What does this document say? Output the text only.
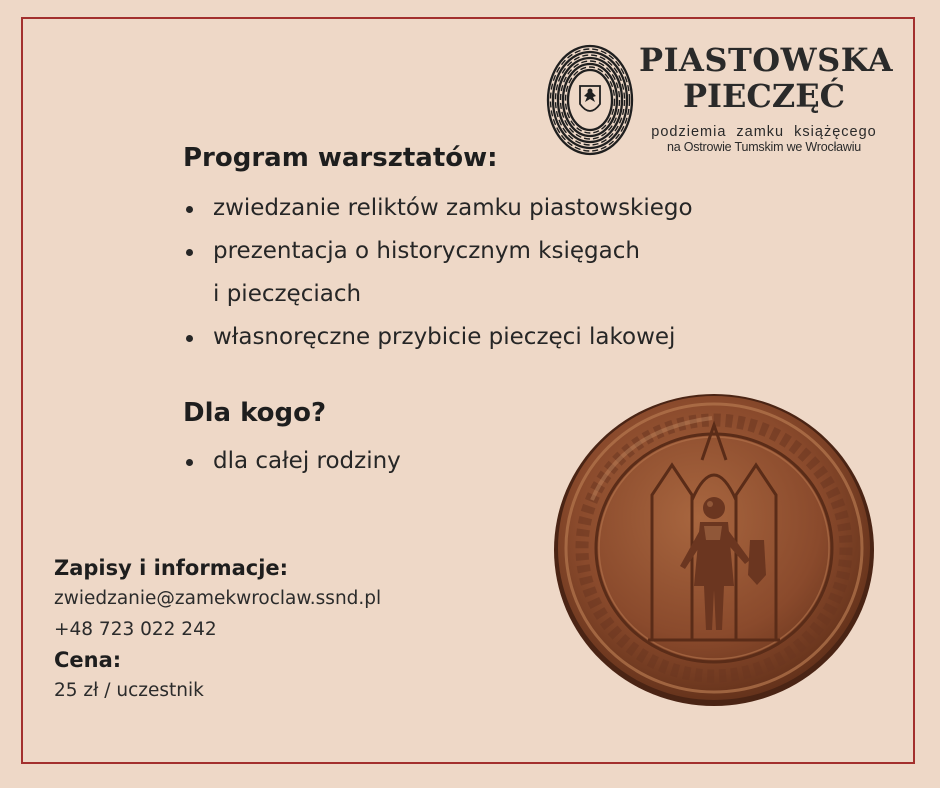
PIASTOWSKA
PIECZĘĆ
podziemia zamku książęcego
na Ostrowie Tumskim we Wrocławiu
Program warsztatów:
zwiedzanie reliktów zamku piastowskiego
prezentacja o historycznym księgach
i pieczęciach
własnoręczne przybicie pieczęci lakowej
Dla kogo?
dla całej rodziny
Zapisy i informacje:
zwiedzanie@zamekwroclaw.ssnd.pl
+48 723 022 242
Cena:
25 zł / uczestnik
